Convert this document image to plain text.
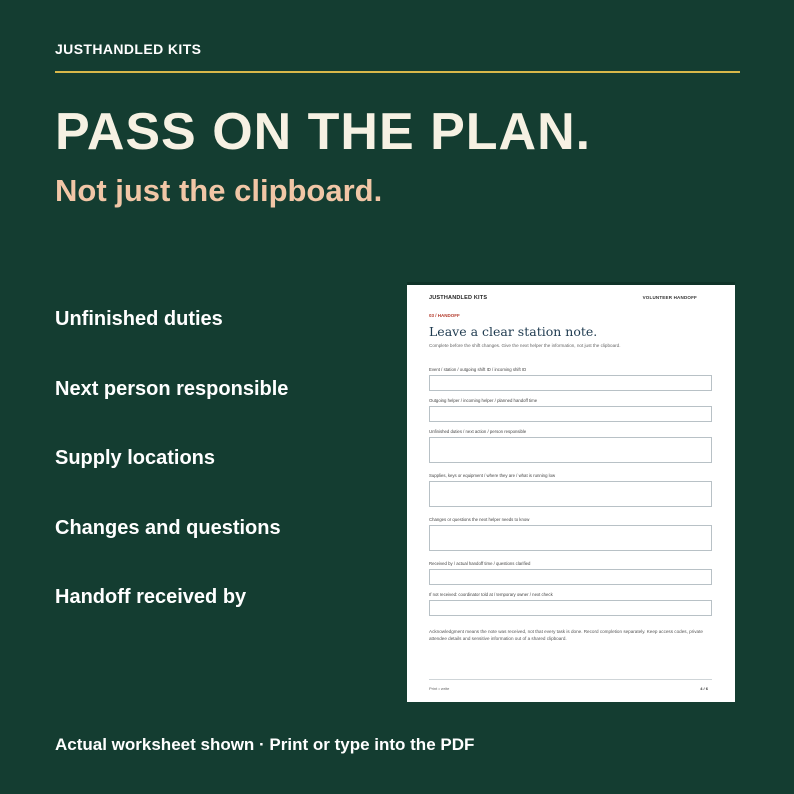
JUSTHANDLED KITS
PASS ON THE PLAN.
Not just the clipboard.
Unfinished duties
Next person responsible
Supply locations
Changes and questions
Handoff received by
JUSTHANDLED KITS	VOLUNTEER HANDOFF
03 / HANDOFF
Leave a clear station note.
Complete before the shift changes. Give the next helper the information, not just the clipboard.
Event / station / outgoing shift ID / incoming shift ID
Outgoing helper / incoming helper / planned handoff time
Unfinished duties / next action / person responsible
Supplies, keys or equipment / where they are / what is running low
Changes or questions the next helper needs to know
Received by / actual handoff time / questions clarified
If not received: coordinator told at / temporary owner / next check
Acknowledgment means the note was received, not that every task is done. Record completion separately. Keep access codes, private attendee details and sensitive information out of a shared clipboard.
Print • write	4 / 6
Actual worksheet shown · Print or type into the PDF
